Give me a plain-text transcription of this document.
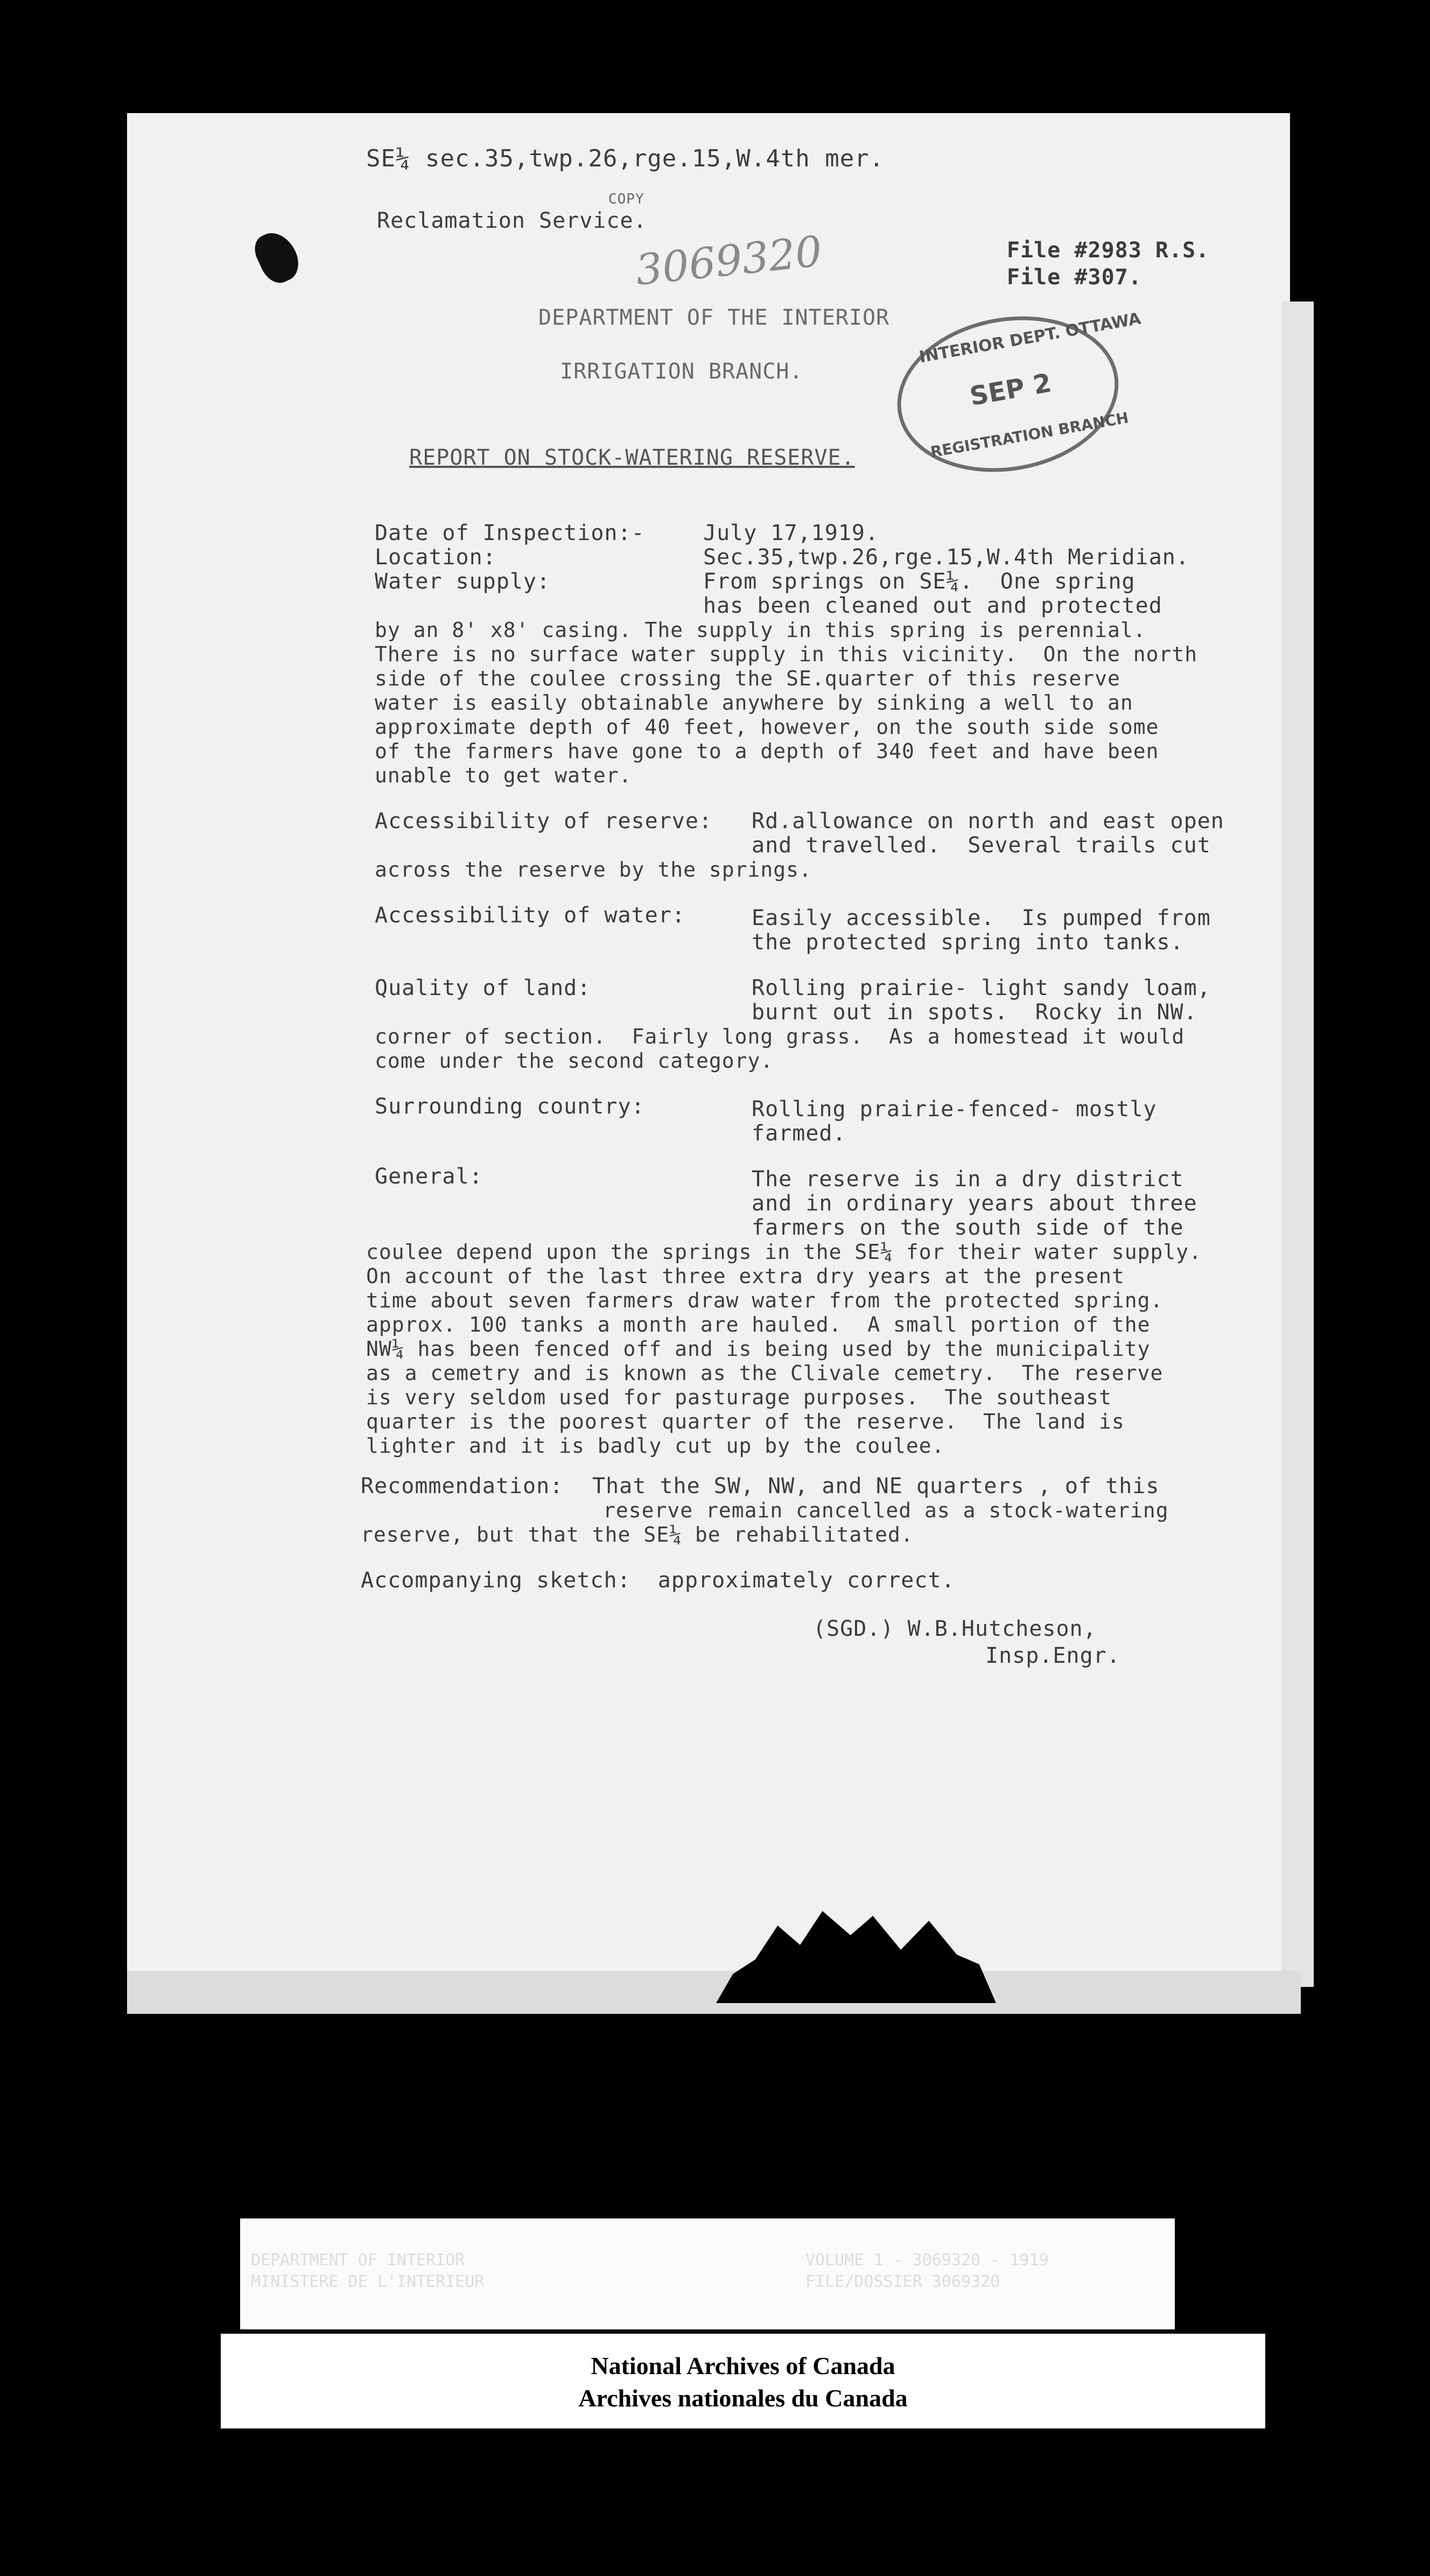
SE¼ sec.35,twp.26,rge.15,W.4th mer.
COPY
Reclamation Service.
3069320	File #2983 R.S.
File #307.
DEPARTMENT OF THE INTERIOR
IRRIGATION BRANCH.
INTERIOR DEPT. OTTAWA
SEP 2
REGISTRATION BRANCH
REPORT ON STOCK-WATERING RESERVE.
Date of Inspection:-	July 17,1919.
Location:	Sec.35,twp.26,rge.15,W.4th Meridian.
Water supply:	From springs on SE¼.  One spring
has been cleaned out and protected
by an 8' x8' casing. The supply in this spring is perennial.
There is no surface water supply in this vicinity.  On the north
side of the coulee crossing the SE.quarter of this reserve
water is easily obtainable anywhere by sinking a well to an
approximate depth of 40 feet, however, on the south side some
of the farmers have gone to a depth of 340 feet and have been
unable to get water.
Accessibility of reserve: Rd.allowance on north and east open
and travelled.  Several trails cut
across the reserve by the springs.
Accessibility of water:	Easily accessible.  Is pumped from
the protected spring into tanks.
Quality of land:	Rolling prairie- light sandy loam,
burnt out in spots.  Rocky in NW.
corner of section.  Fairly long grass.  As a homestead it would
come under the second category.
Surrounding country:	Rolling prairie-fenced- mostly
farmed.
General:	The reserve is in a dry district
and in ordinary years about three
farmers on the south side of the
coulee depend upon the springs in the SE¼ for their water supply.
On account of the last three extra dry years at the present
time about seven farmers draw water from the protected spring.
approx. 100 tanks a month are hauled.  A small portion of the
NW¼ has been fenced off and is being used by the municipality
as a cemetry and is known as the Clivale cemetry.  The reserve
is very seldom used for pasturage purposes.  The southeast
quarter is the poorest quarter of the reserve.  The land is
lighter and it is badly cut up by the coulee.
Recommendation: That the SW, NW, and NE quarters , of this
reserve remain cancelled as a stock-watering
reserve, but that the SE¼ be rehabilitated.
Accompanying sketch:  approximately correct.
(SGD.) W.B.Hutcheson,
Insp.Engr.
DEPARTMENT OF INTERIOR
MINISTERE DE L'INTERIEUR
VOLUME 1 - 3069320 - 1919
FILE/DOSSIER 3069320
National Archives of Canada
Archives nationales du Canada
